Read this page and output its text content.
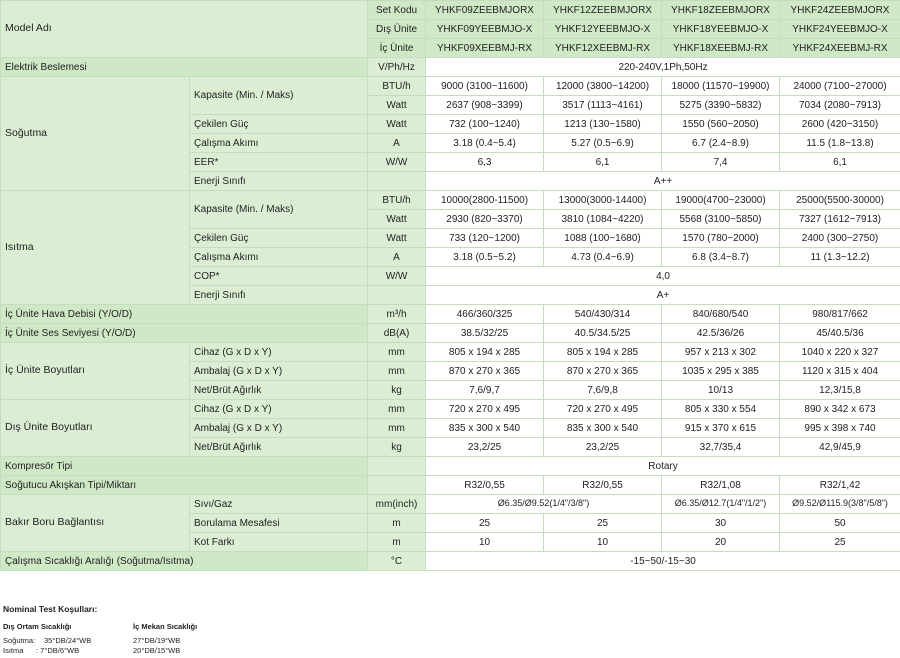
Model Adı		Set Kodu	YHKF09ZEEBMJORX	YHKF12ZEEBMJORX	YHKF18ZEEBMJORX	YHKF24ZEEBMJORX
		Dış Ünite	YHKF09YEEBMJO-X	YHKF12YEEBMJO-X	YHKF18YEEBMJO-X	YHKF24YEEBMJO-X
		İç Ünite	YHKF09XEEBMJ-RX	YHKF12XEEBMJ-RX	YHKF18XEEBMJ-RX	YHKF24XEEBMJ-RX
Elektrik Beslemesi		V/Ph/Hz	220-240V,1Ph,50Hz			
Soğutma	Kapasite (Min. / Maks)	BTU/h	9000 (3100~11600)	12000 (3800~14200)	18000 (11570~19900)	24000 (7100~27000)
		Watt	2637 (908~3399)	3517 (1113~4161)	5275 (3390~5832)	7034 (2080~7913)
	Çekilen Güç	Watt	732 (100~1240)	1213 (130~1580)	1550 (560~2050)	2600 (420~3150)
	Çalışma Akımı	A	3.18 (0.4~5.4)	5.27 (0.5~6.9)	6.7 (2.4~8.9)	11.5 (1.8~13.8)
	EER*	W/W	6,3	6,1	7,4	6,1
	Enerji Sınıfı		A++			
Isıtma	Kapasite (Min. / Maks)	BTU/h	10000(2800-11500)	13000(3000-14400)	19000(4700~23000)	25000(5500-30000)
		Watt	2930 (820~3370)	3810 (1084~4220)	5568 (3100~5850)	7327 (1612~7913)
	Çekilen Güç	Watt	733 (120~1200)	1088 (100~1680)	1570 (780~2000)	2400 (300~2750)
	Çalışma Akımı	A	3.18 (0.5~5.2)	4.73 (0.4~6.9)	6.8 (3.4~8.7)	11 (1.3~12.2)
	COP*	W/W	4,0			
	Enerji Sınıfı		A+			
İç Ünite Hava Debisi (Y/O/D)		m³/h	466/360/325	540/430/314	840/680/540	980/817/662
İç Ünite Ses Seviyesi (Y/O/D)		dB(A)	38.5/32/25	40.5/34.5/25	42.5/36/26	45/40.5/36
İç Ünite Boyutları	Cihaz (G x D x Y)	mm	805 x 194 x 285	805 x 194 x 285	957 x 213 x 302	1040 x 220 x 327
	Ambalaj (G x D x Y)	mm	870 x 270 x 365	870 x 270 x 365	1035 x 295 x 385	1120 x 315 x 404
	Net/Brüt Ağırlık	kg	7,6/9,7	7,6/9,8	10/13	12,3/15,8
Dış Ünite Boyutları	Cihaz (G x D x Y)	mm	720 x 270 x 495	720 x 270 x 495	805 x 330 x 554	890 x 342 x 673
	Ambalaj (G x D x Y)	mm	835 x 300 x 540	835 x 300 x 540	915 x 370 x 615	995 x 398 x 740
	Net/Brüt Ağırlık	kg	23,2/25	23,2/25	32,7/35,4	42,9/45,9
Kompresör Tipi			Rotary			
Soğutucu Akışkan Tipi/Miktarı			R32/0,55	R32/0,55	R32/1,08	R32/1,42
Bakır Boru Bağlantısı	Sıvı/Gaz	mm(inch)	Ø6.35/Ø9.52(1/4"/3/8")		Ø6.35/Ø12.7(1/4"/1/2")	Ø9.52/Ø115.9(3/8"/5/8")
	Borulama Mesafesi	m	25	25	30	50
	Kot Farkı	m	10	10	20	25
Çalışma Sıcaklığı Aralığı (Soğutma/Isıtma)		°C	-15~50/-15~30			
Nominal Test Koşulları:
Dış Ortam Sıcaklığı	İç Mekan Sıcaklığı
Soğutma: 35°DB/24°WB	27°DB/19°WB
Isıtma : 7°DB/6°WB	20°DB/15°WB
